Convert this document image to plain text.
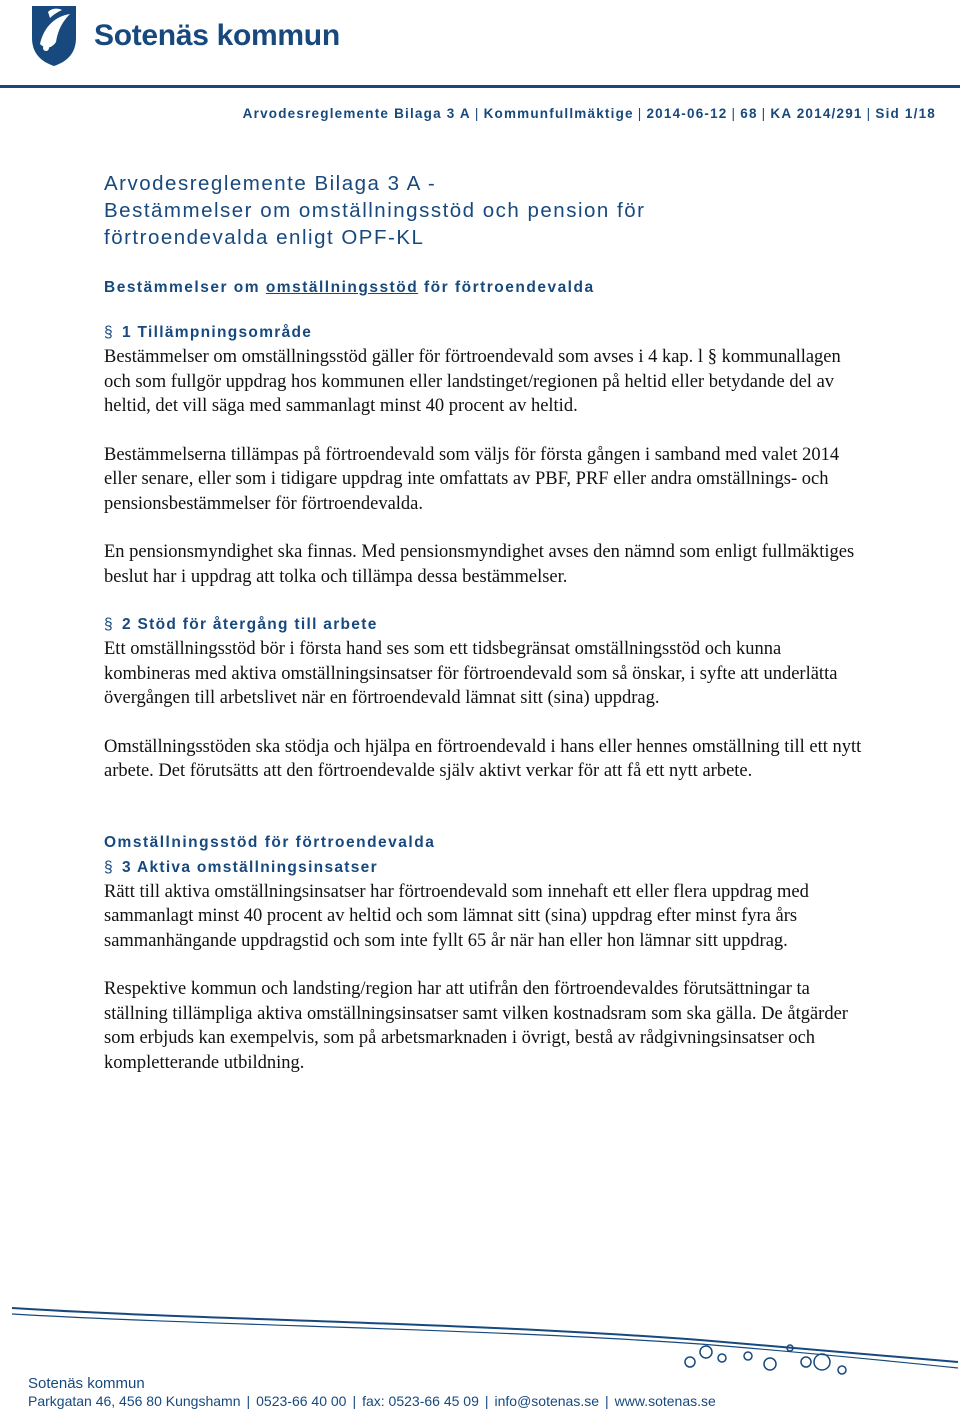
Sotenäs kommun
Arvodesreglemente Bilaga 3 A | Kommunfullmäktige | 2014-06-12 | 68 | KA 2014/291 | Sid 1/18
Arvodesreglemente Bilaga 3 A -
Bestämmelser om omställningsstöd och pension för
förtroendevalda enligt OPF-KL
Bestämmelser om omställningsstöd för förtroendevalda
§ 1 Tillämpningsområde

Bestämmelser om omställningsstöd gäller för förtroendevald som avses i 4 kap. l § kommunallagen och som fullgör uppdrag hos kommunen eller landstinget/regionen på heltid eller betydande del av heltid, det vill säga med sammanlagt minst 40 procent av heltid.

Bestämmelserna tillämpas på förtroendevald som väljs för första gången i samband med valet 2014 eller senare, eller som i tidigare uppdrag inte omfattats av PBF, PRF eller andra omställnings- och pensionsbestämmelser för förtroendevalda.

En pensionsmyndighet ska finnas. Med pensionsmyndighet avses den nämnd som enligt fullmäktiges beslut har i uppdrag att tolka och tillämpa dessa bestämmelser.

§ 2 Stöd för återgång till arbete

Ett omställningsstöd bör i första hand ses som ett tidsbegränsat omställningsstöd och kunna kombineras med aktiva omställningsinsatser för förtroendevald som så önskar, i syfte att underlätta övergången till arbetslivet när en förtroendevald lämnat sitt (sina) uppdrag.

Omställningsstöden ska stödja och hjälpa en förtroendevald i hans eller hennes omställning till ett nytt arbete. Det förutsätts att den förtroendevalde själv aktivt verkar för att få ett nytt arbete.

Omställningsstöd för förtroendevalda
§ 3 Aktiva omställningsinsatser

Rätt till aktiva omställningsinsatser har förtroendevald som innehaft ett eller flera uppdrag med sammanlagt minst 40 procent av heltid och som lämnat sitt (sina) uppdrag efter minst fyra års sammanhängande uppdragstid och som inte fyllt 65 år när han eller hon lämnar sitt uppdrag.

Respektive kommun och landsting/region har att utifrån den förtroendevaldes förutsättningar ta ställning tillämpliga aktiva omställningsinsatser samt vilken kostnadsram som ska gälla. De åtgärder som erbjuds kan exempelvis, som på arbetsmarknaden i övrigt, bestå av rådgivningsinsatser och kompletterande utbildning.

Sotenäs kommun
Parkgatan 46, 456 80 Kungshamn | 0523-66 40 00 | fax: 0523-66 45 09 | info@sotenas.se | www.sotenas.se
